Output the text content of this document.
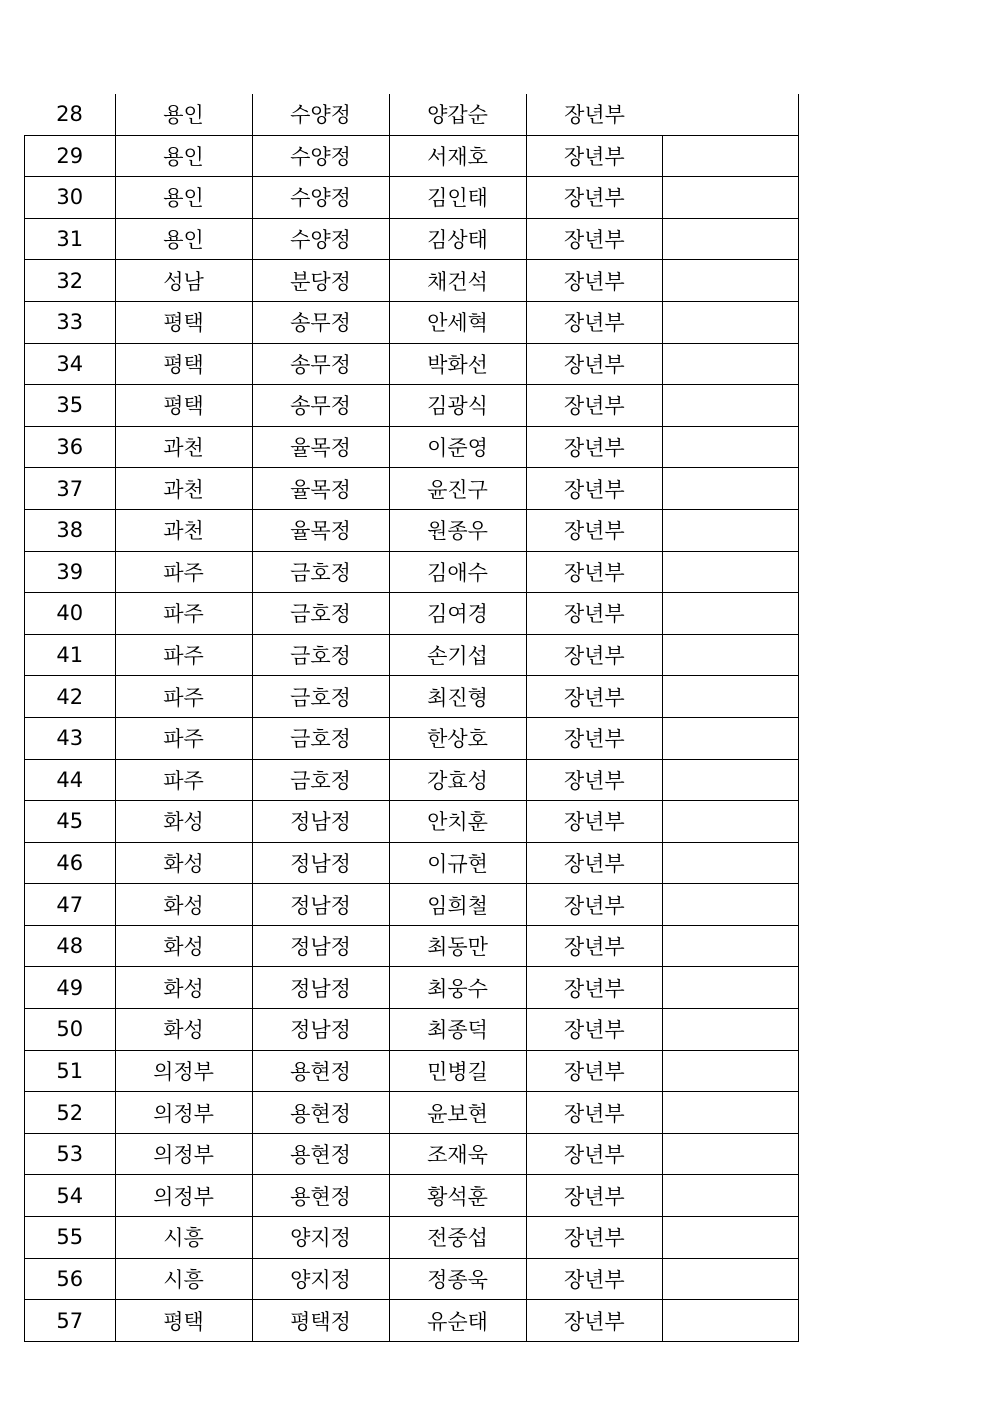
28	용인	수양정	양갑순	장년부	
29	용인	수양정	서재호	장년부	
30	용인	수양정	김인태	장년부	
31	용인	수양정	김상태	장년부	
32	성남	분당정	채건석	장년부	
33	평택	송무정	안세혁	장년부	
34	평택	송무정	박화선	장년부	
35	평택	송무정	김광식	장년부	
36	과천	율목정	이준영	장년부	
37	과천	율목정	윤진구	장년부	
38	과천	율목정	원종우	장년부	
39	파주	금호정	김애수	장년부	
40	파주	금호정	김여경	장년부	
41	파주	금호정	손기섭	장년부	
42	파주	금호정	최진형	장년부	
43	파주	금호정	한상호	장년부	
44	파주	금호정	강효성	장년부	
45	화성	정남정	안치훈	장년부	
46	화성	정남정	이규현	장년부	
47	화성	정남정	임희철	장년부	
48	화성	정남정	최동만	장년부	
49	화성	정남정	최웅수	장년부	
50	화성	정남정	최종덕	장년부	
51	의정부	용현정	민병길	장년부	
52	의정부	용현정	윤보현	장년부	
53	의정부	용현정	조재욱	장년부	
54	의정부	용현정	황석훈	장년부	
55	시흥	양지정	전중섭	장년부	
56	시흥	양지정	정종욱	장년부	
57	평택	평택정	유순태	장년부	
